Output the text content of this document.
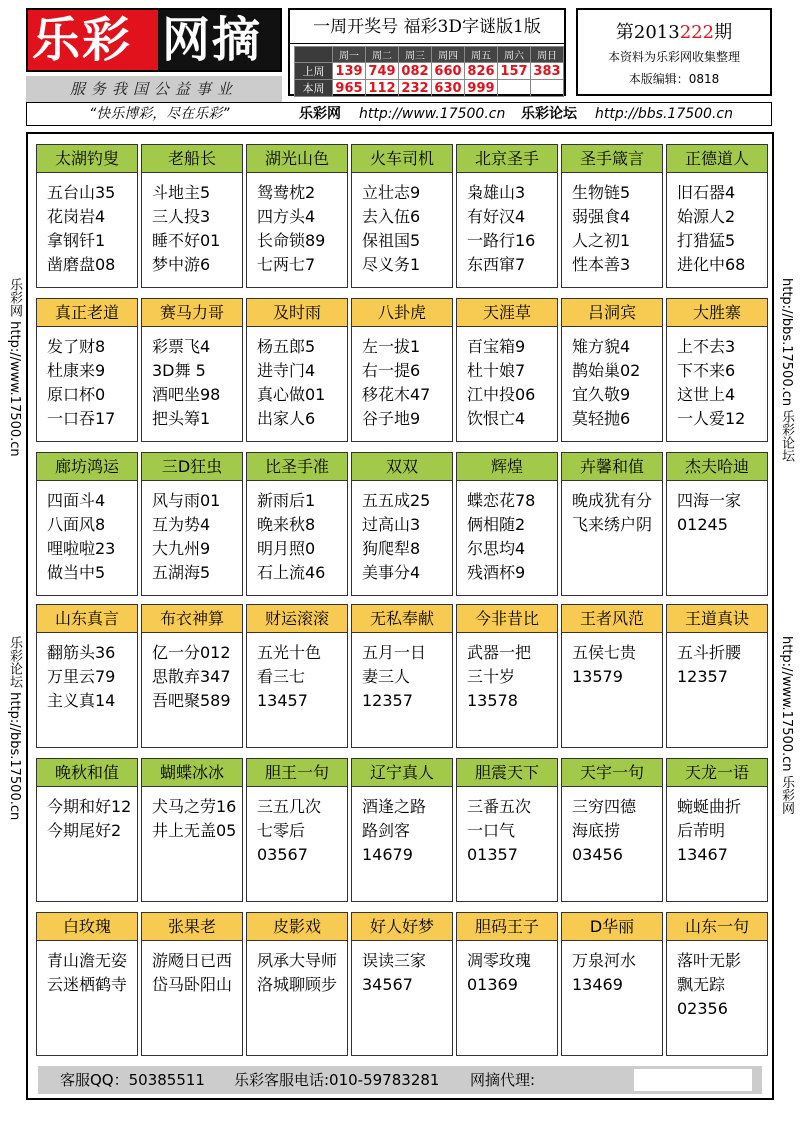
乐彩 网摘
服务我国公益事业
一周开奖号 福彩3D字谜版1版
	周一	周二	周三	周四	周五	周六	周日
上周	139	749	082	660	826	157	383
本周	965	112	232	630	999		
第2013222期
本资料为乐彩网收集整理
本版编辑：0818
“快乐博彩，尽在乐彩”	乐彩网 http://www.17500.cn 乐彩论坛 http://bbs.17500.cn
乐彩网 http://www.17500.cn
乐彩论坛 http://bbs.17500.cn
http://bbs.17500.cn 乐彩论坛
http://www.17500.cn 乐彩网
太湖钓叟
五台山35
花岗岩4
拿钢钎1
凿磨盘08
老船长
斗地主5
三人投3
睡不好01
梦中游6
湖光山色
鸳鸯枕2
四方头4
长命锁89
七两七7
火车司机
立壮志9
去入伍6
保祖国5
尽义务1
北京圣手
枭雄山3
有好汉4
一路行16
东西窜7
圣手箴言
生物链5
弱强食4
人之初1
性本善3
正德道人
旧石器4
始源人2
打猎猛5
进化中68
真正老道
发了财8
杜康来9
原口杯0
一口吞17
赛马力哥
彩票飞4
3D舞 5
酒吧坐98
把头筹1
及时雨
杨五郎5
进寺门4
真心做01
出家人6
八卦虎
左一拔1
右一提6
移花木47
谷子地9
天涯草
百宝箱9
杜十娘7
江中投06
饮恨亡4
吕洞宾
雉方貌4
鹊始巢02
宜久敬9
莫轻抛6
大胜寨
上不去3
下不来6
这世上4
一人爱12
廊坊鸿运
四面斗4
八面风8
哩啦啦23
做当中5
三D狂虫
风与雨01
互为势4
大九州9
五湖海5
比圣手准
新雨后1
晚来秋8
明月照0
石上流46
双双
五五成25
过高山3
狗爬犁8
美事分4
辉煌
蝶恋花78
俩相随2
尔思均4
残酒杯9
卉馨和值
晚成犹有分
飞来绣户阴
杰夫哈迪
四海一家
01245
山东真言
翻筋头36
万里云79
主义真14
布衣神算
亿一分012
思散弃347
吾吧聚589
财运滚滚
五光十色
看三七
13457
无私奉献
五月一日
妻三人
12357
今非昔比
武器一把
三十岁
13578
王者风范
五侯七贵
13579
王道真诀
五斗折腰
12357
晚秋和值
今期和好12
今期尾好2
蝴蝶冰冰
犬马之劳16
井上无盖05
胆王一句
三五几次
七零后
03567
辽宁真人
酒逢之路
路剑客
14679
胆震天下
三番五次
一口气
01357
天宇一句
三穷四德
海底捞
03456
天龙一语
蜿蜒曲折
后芾明
13467
白玫瑰
青山澹无姿
云迷栖鹤寺
张果老
游飏日已西
岱马卧阳山
皮影戏
夙承大导师
洛城聊顾步
好人好梦
误读三家
34567
胆码王子
凋零玫瑰
01369
D华丽
万泉河水
13469
山东一句
落叶无影
飘无踪
02356
客服QQ：50385511 乐彩客服电话:010-59783281 网摘代理:
